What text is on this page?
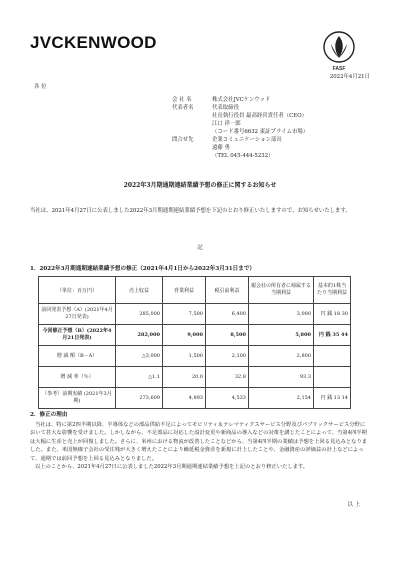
JVCKENWOOD
FASF
2022年4月21日
各 位
会 社 名	株式会社JVCケンウッド
代表者名	代表取締役
社長執行役員 最高経営責任者（CEO）
江口 祥一郎
（コード番号6632 東証プライム市場）
問合せ先	企業コミュニケーション部長
遠藤 勇
（TEL 045-444-5232）
2022年3月期通期連結業績予想の修正に関するお知らせ
当社は、2021年4月27日に公表しました2022年3月期通期連結業績予想を下記のとおり修正いたしますので、お知らせいたします。
記
1．2022年3月期通期連結業績予想の修正（2021年4月1日から2022年3月31日まで）
（単位：百万円）	売上収益	営業利益	税引前利益	親会社の所有者に帰属する当期利益	基本的1株当たり当期利益
前回発表予想（A）(2021年4月27日発表)	285,000	7,500	6,400	3,000	円 銭 18 30
今回修正予想（B）(2022年4月21日発表)	282,000	9,000	8,500	5,800	円 銭 35 44
増 減 額（B－A）	△3,000	1,500	2,100	2,800	
増 減 率（％）	△1.1	20.0	32.8	93.3	
（参考）前期実績 (2021年3月期)	273,609	4,893	4,533	2,154	円 銭 13 14
2．修正の理由
当社は、特に第2四半期以降、半導体などの部品供給不足によってモビリティ＆テレマティクスサービス分野及びパブリックサービス分野において甚大な影響を受けました。しかしながら、不足部品に対応した設計変更や新商品の導入などの対策を講じたことによって、当第4四半期は大幅に生産と売上が回復しました。さらに、米州における物流が改善したことなどから、当第4四半期の業績は予想を上回る見込みとなりました。また、米国無線子会社の受注残が大きく増えたことにより繰延税金資産を新規に計上したことや、金融資産の評価益の計上などによって、通期では前回予想を上回る見込みとなりました。
以上のことから、2021年4月27日に公表しました2022年3月期通期連結業績予想を上記のとおり修正いたします。
以 上
